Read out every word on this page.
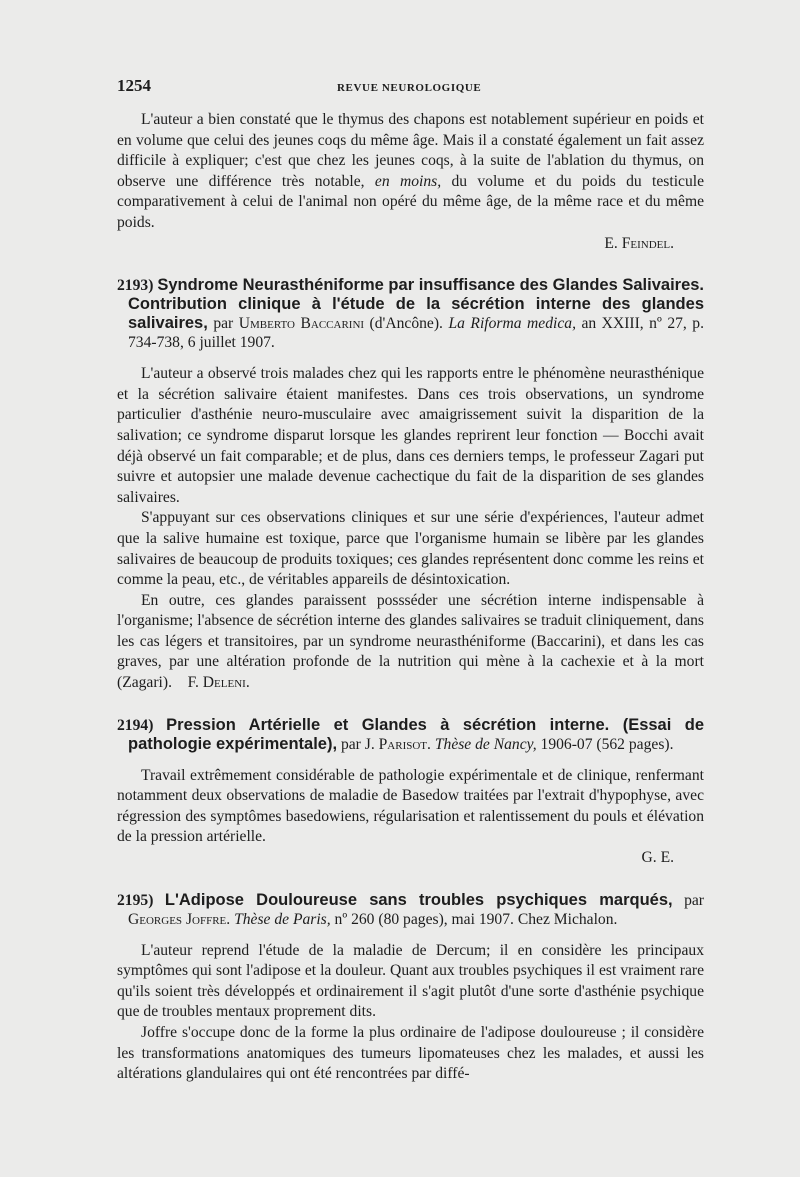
1254	REVUE NEUROLOGIQUE

L'auteur a bien constaté que le thymus des chapons est notablement supérieur en poids et en volume que celui des jeunes coqs du même âge. Mais il a constaté également un fait assez difficile à expliquer; c'est que chez les jeunes coqs, à la suite de l'ablation du thymus, on observe une différence très notable, en moins, du volume et du poids du testicule comparativement à celui de l'animal non opéré du même âge, de la même race et du même poids.

E. Feindel.

2193) Syndrome Neurasthéniforme par insuffisance des Glandes Salivaires. Contribution clinique à l'étude de la sécrétion interne des glandes salivaires, par Umberto Baccarini (d'Ancône). La Riforma medica, an XXIII, nº 27, p. 734-738, 6 juillet 1907.

L'auteur a observé trois malades chez qui les rapports entre le phénomène neurasthénique et la sécrétion salivaire étaient manifestes. Dans ces trois observations, un syndrome particulier d'asthénie neuro-musculaire avec amaigrissement suivit la disparition de la salivation; ce syndrome disparut lorsque les glandes reprirent leur fonction — Bocchi avait déjà observé un fait comparable; et de plus, dans ces derniers temps, le professeur Zagari put suivre et autopsier une malade devenue cachectique du fait de la disparition de ses glandes salivaires.

S'appuyant sur ces observations cliniques et sur une série d'expériences, l'auteur admet que la salive humaine est toxique, parce que l'organisme humain se libère par les glandes salivaires de beaucoup de produits toxiques; ces glandes représentent donc comme les reins et comme la peau, etc., de véritables appareils de désintoxication.

En outre, ces glandes paraissent possséder une sécrétion interne indispensable à l'organisme; l'absence de sécrétion interne des glandes salivaires se traduit cliniquement, dans les cas légers et transitoires, par un syndrome neurasthéniforme (Baccarini), et dans les cas graves, par une altération profonde de la nutrition qui mène à la cachexie et à la mort (Zagari). F. Deleni.

2194) Pression Artérielle et Glandes à sécrétion interne. (Essai de pathologie expérimentale), par J. Parisot. Thèse de Nancy, 1906-07 (562 pages).

Travail extrêmement considérable de pathologie expérimentale et de clinique, renfermant notamment deux observations de maladie de Basedow traitées par l'extrait d'hypophyse, avec régression des symptômes basedowiens, régularisation et ralentissement du pouls et élévation de la pression artérielle.

G. E.

2195) L'Adipose Douloureuse sans troubles psychiques marqués, par Georges Joffre. Thèse de Paris, nº 260 (80 pages), mai 1907. Chez Michalon.

L'auteur reprend l'étude de la maladie de Dercum; il en considère les principaux symptômes qui sont l'adipose et la douleur. Quant aux troubles psychiques il est vraiment rare qu'ils soient très développés et ordinairement il s'agit plutôt d'une sorte d'asthénie psychique que de troubles mentaux proprement dits.

Joffre s'occupe donc de la forme la plus ordinaire de l'adipose douloureuse ; il considère les transformations anatomiques des tumeurs lipomateuses chez les malades, et aussi les altérations glandulaires qui ont été rencontrées par diffé-
